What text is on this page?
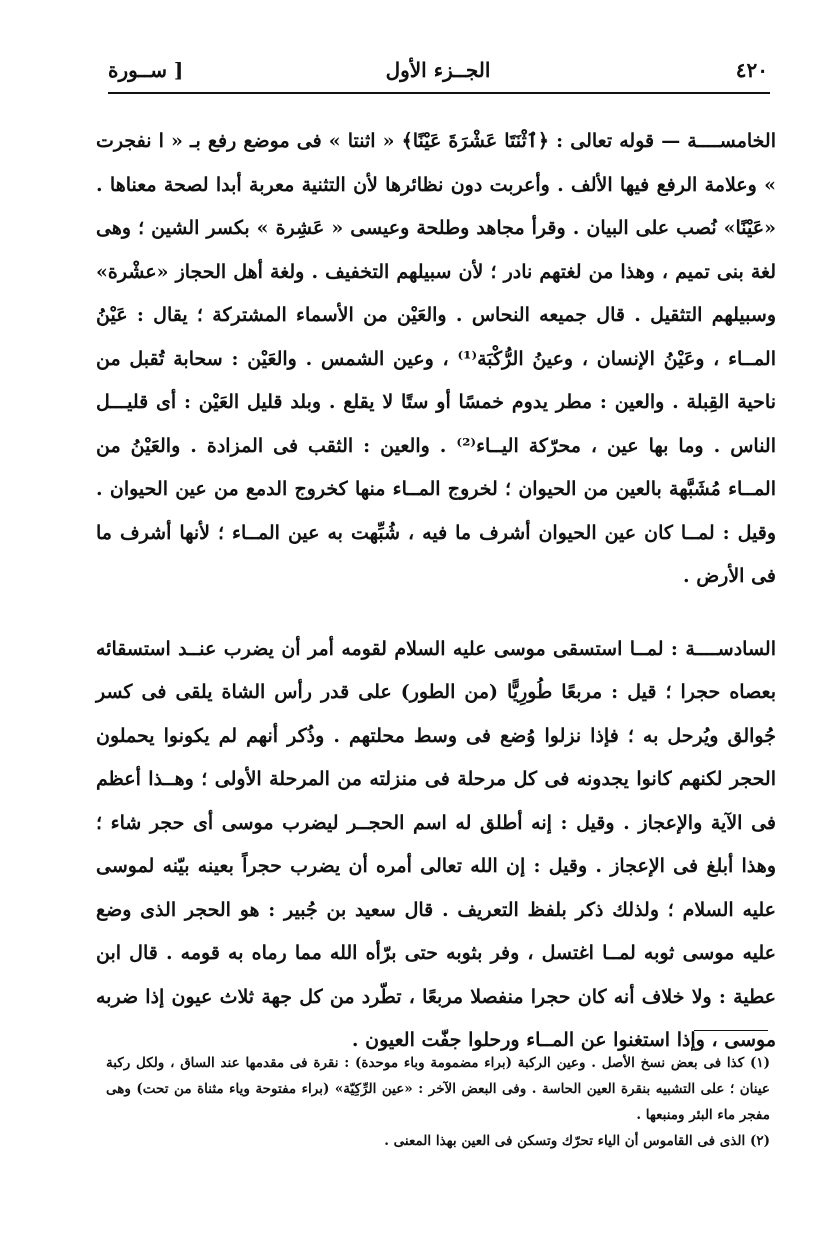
٤٢٠
الجــزء الأول
[ ســورة

الخامســــة — قوله تعالى : ﴿ٱثْنَتَا عَشْرَةَ عَيْنًا﴾ « اثنتا » فى موضع رفع بـ « ا نفجرت » وعلامة الرفع فيها الألف . وأعربت دون نظائرها لأن التثنية معربة أبدا لصحة معناها . «عَيْنًا» نُصب على البيان . وقرأ مجاهد وطلحة وعيسى « عَشِرة » بكسر الشين ؛ وهى لغة بنى تميم ، وهذا من لغتهم نادر ؛ لأن سبيلهم التخفيف . ولغة أهل الحجاز «عشْرة» وسبيلهم التثقيل . قال جميعه النحاس . والعَيْن من الأسماء المشتركة ؛ يقال : عَيْنُ المــاء ، وعَيْنُ الإنسان ، وعينُ الرُّكْبَة⁽¹⁾ ، وعين الشمس . والعَيْن : سحابة تُقبل من ناحية القِبلة . والعين : مطر يدوم خمسًا أو ستًا لا يقلع . وبلد قليل العَيْن : أى قليـــل الناس . وما بها عين ، محرّكة اليــاء⁽²⁾ . والعين : الثقب فى المزادة . والعَيْنُ من المــاء مُشَبَّهة بالعين من الحيوان ؛ لخروج المــاء منها كخروج الدمع من عين الحيوان . وقيل : لمــا كان عين الحيوان أشرف ما فيه ، شُبِّهت به عين المــاء ؛ لأنها أشرف ما فى الأرض .

السادســــة : لمــا استسقى موسى عليه السلام لقومه أمر أن يضرب عنــد استسقائه بعصاه حجرا ؛ قيل : مربعًا طُورِيًّا (من الطور) على قدر رأس الشاة يلقى فى كسر جُوالق ويُرحل به ؛ فإذا نزلوا وُضع فى وسط محلتهم . وذُكر أنهم لم يكونوا يحملون الحجر لكنهم كانوا يجدونه فى كل مرحلة فى منزلته من المرحلة الأولى ؛ وهــذا أعظم فى الآية والإعجاز . وقيل : إنه أطلق له اسم الحجــر ليضرب موسى أى حجر شاء ؛ وهذا أبلغ فى الإعجاز . وقيل : إن الله تعالى أمره أن يضرب حجراً بعينه بيّنه لموسى عليه السلام ؛ ولذلك ذكر بلفظ التعريف . قال سعيد بن جُبير : هو الحجر الذى وضع عليه موسى ثوبه لمــا اغتسل ، وفر بثوبه حتى برّأه الله مما رماه به قومه . قال ابن عطية : ولا خلاف أنه كان حجرا منفصلا مربعًا ، تطّرد من كل جهة ثلاث عيون إذا ضربه موسى ، وإذا استغنوا عن المــاء ورحلوا جفّت العيون .

(١) كذا فى بعض نسخ الأصل . وعين الركبة (براء مضمومة وباء موحدة) : نقرة فى مقدمها عند الساق ، ولكل ركبة عينان ؛ على التشبيه بنقرة العين الحاسة . وفى البعض الآخر : «عين الرِّكِيّة» (براء مفتوحة وياء مثناة من تحت) وهى مفجر ماء البئر ومنبعها .

(٢) الذى فى القاموس أن الياء تحرّك وتسكن فى العين بهذا المعنى .
